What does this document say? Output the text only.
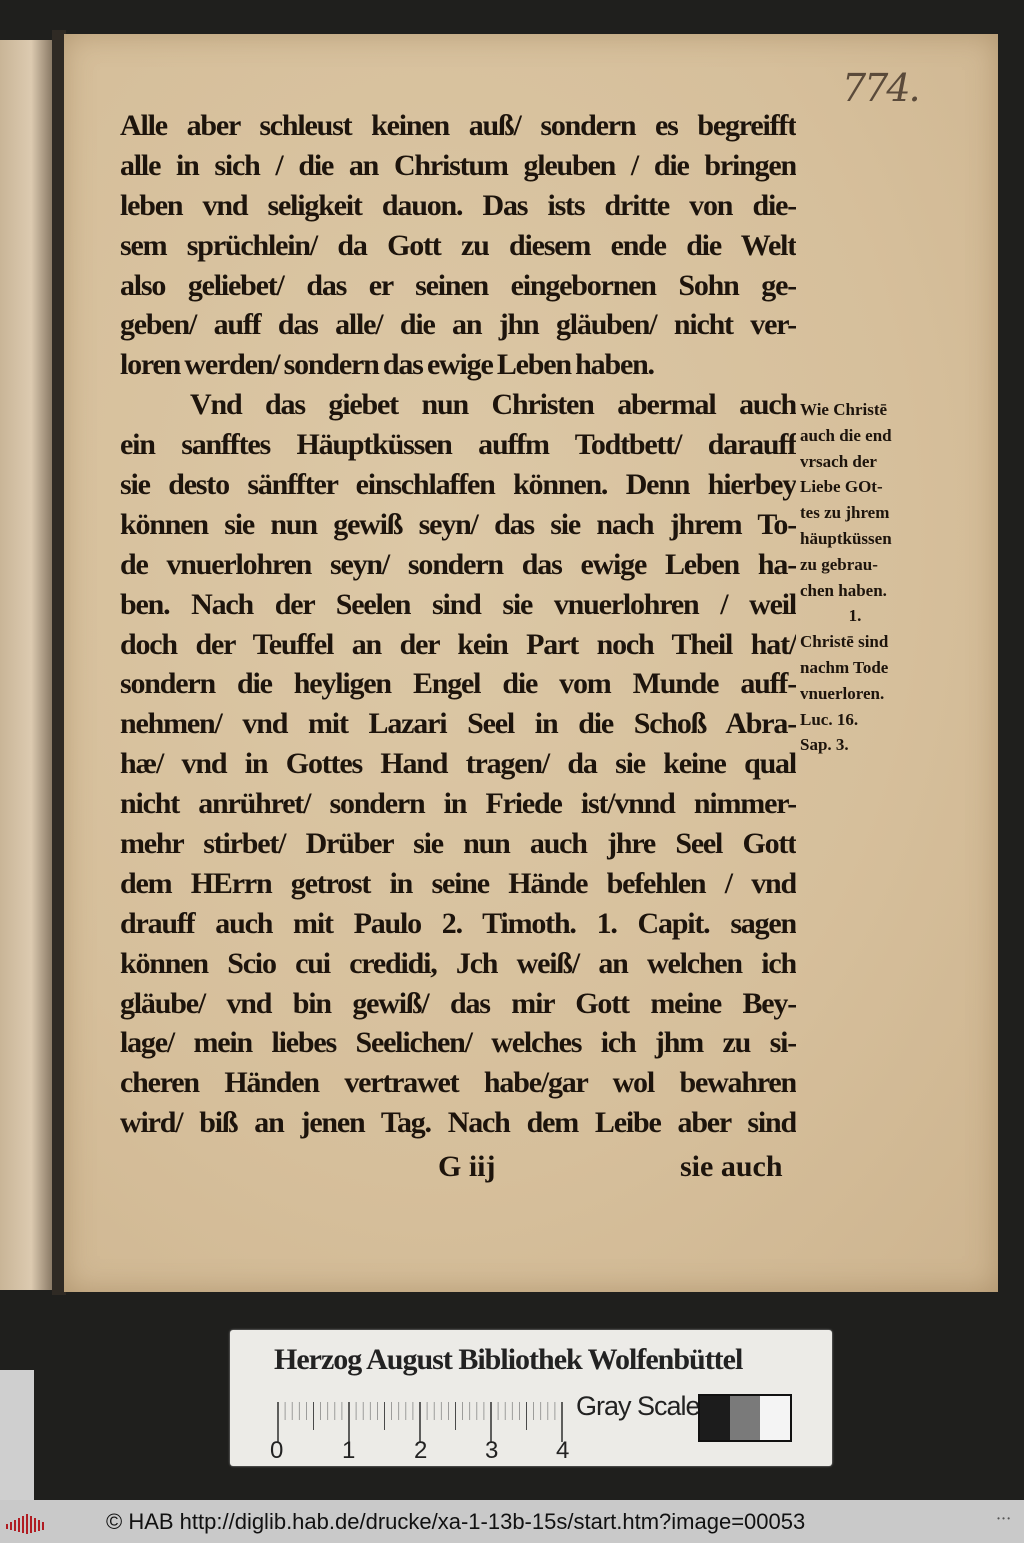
774.
Alle aber schleust keinen auß/ sondern es begreifft
alle in sich / die an Christum gleuben / die bringen
leben vnd seligkeit dauon. Das ists dritte von die-
sem sprüchlein/ da Gott zu diesem ende die Welt
also geliebet/ das er seinen eingebornen Sohn ge-
geben/ auff das alle/ die an jhn gläuben/ nicht ver-
loren werden/ sondern das ewige Leben haben.
Vnd das giebet nun Christen abermal auch
ein sanfftes Häuptküssen auffm Todtbett/ darauff
sie desto sänffter einschlaffen können. Denn hierbey
können sie nun gewiß seyn/ das sie nach jhrem To-
de vnuerlohren seyn/ sondern das ewige Leben ha-
ben. Nach der Seelen sind sie vnuerlohren / weil
doch der Teuffel an der kein Part noch Theil hat/
sondern die heyligen Engel die vom Munde auff-
nehmen/ vnd mit Lazari Seel in die Schoß Abra-
hæ/ vnd in Gottes Hand tragen/ da sie keine qual
nicht anrühret/ sondern in Friede ist/vnnd nimmer-
mehr stirbet/ Drüber sie nun auch jhre Seel Gott
dem HErrn getrost in seine Hände befehlen / vnd
drauff auch mit Paulo 2. Timoth. 1. Capit. sagen
können Scio cui credidi, Jch weiß/ an welchen ich
gläube/ vnd bin gewiß/ das mir Gott meine Bey-
lage/ mein liebes Seelichen/ welches ich jhm zu si-
cheren Händen vertrawet habe/gar wol bewahren
wird/ biß an jenen Tag. Nach dem Leibe aber sind
G iij	sie auch
Wie Christē
auch die end
vrsach der
Liebe GOt-
tes zu jhrem
häuptküssen
zu gebrau-
chen haben.
1.
Christē sind
nachm Tode
vnuerloren.
Luc. 16.
Sap. 3.
Herzog August Bibliothek Wolfenbüttel
0 1 2 3 4
Gray Scale
© HAB http://diglib.hab.de/drucke/xa-1-13b-15s/start.htm?image=00053	• • •
